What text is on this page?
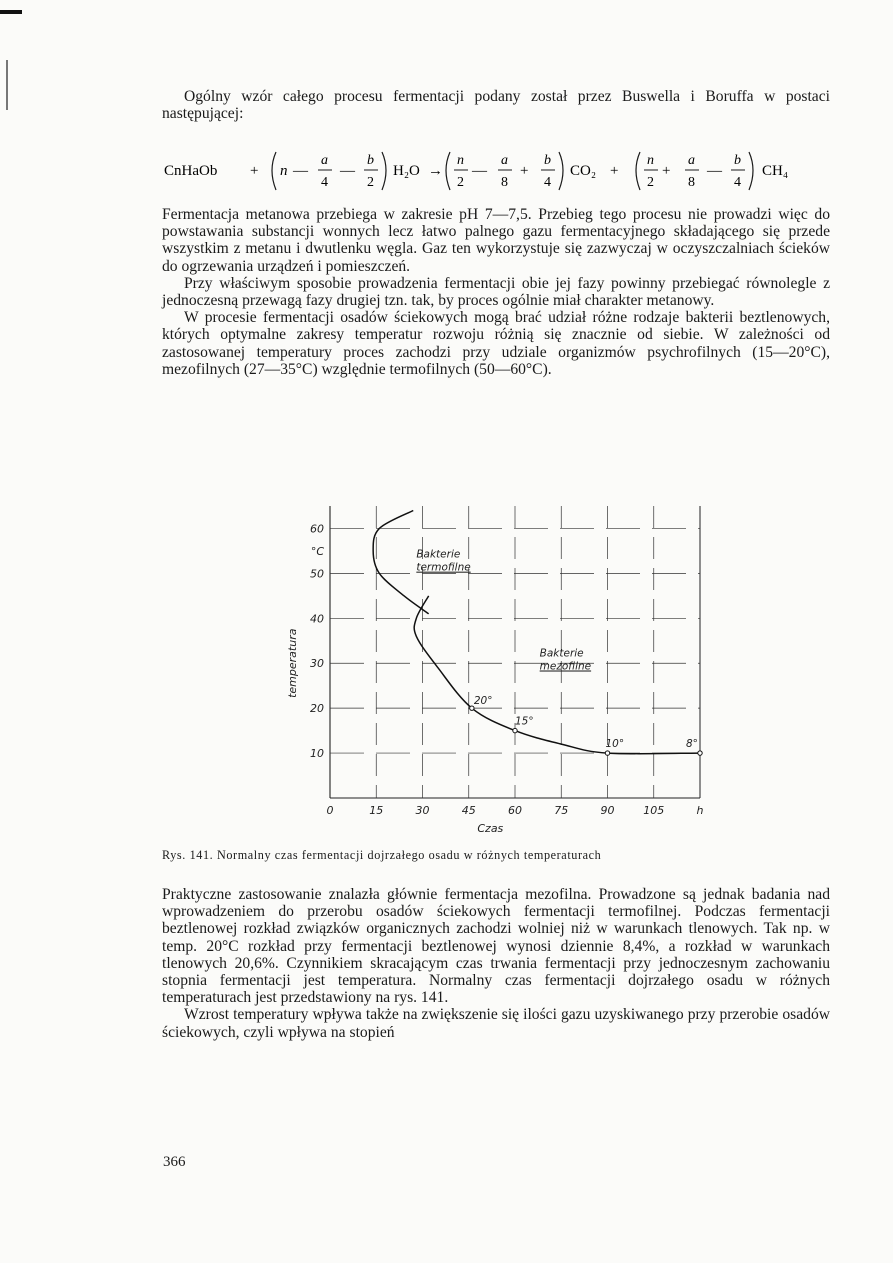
Ogólny wzór całego procesu fermentacji podany został przez Buswella i Boruffa w postaci następującej:

CnHaOb + n —
a
4
—
b
2
H₂O →
n
2
—
a
8
+
b
4
CO₂ +
n
2
+
a
8
—
b
4
CH₄

Fermentacja metanowa przebiega w zakresie pH 7—7,5. Przebieg tego procesu nie prowadzi więc do powstawania substancji wonnych lecz łatwo palnego gazu fermentacyjnego składającego się przede wszystkim z metanu i dwutlenku węgla. Gaz ten wykorzystuje się zazwyczaj w oczyszczalniach ścieków do ogrzewania urządzeń i pomieszczeń.

Przy właściwym sposobie prowadzenia fermentacji obie jej fazy powinny przebiegać równolegle z jednoczesną przewagą fazy drugiej tzn. tak, by proces ogólnie miał charakter metanowy.

W procesie fermentacji osadów ściekowych mogą brać udział różne rodzaje bakterii beztlenowych, których optymalne zakresy temperatur rozwoju różnią się znacznie od siebie. W zależności od zastosowanej temperatury proces zachodzi przy udziale organizmów psychrofilnych (15—20°C), mezofilnych (27—35°C) względnie termofilnych (50—60°C).

0	15	30	45	60	75	90	105	h
60
°C
50
40
30
20
10
Czas
temperatura
Bakterie
termofilne
Bakterie
mezofilne
20°
15°
10°	8°
Rys. 141. Normalny czas fermentacji dojrzałego osadu w różnych temperaturach

Praktyczne zastosowanie znalazła głównie fermentacja mezofilna. Prowadzone są jednak badania nad wprowadzeniem do przerobu osadów ściekowych fermentacji termofilnej. Podczas fermentacji beztlenowej rozkład związków organicznych zachodzi wolniej niż w warunkach tlenowych. Tak np. w temp. 20°C rozkład przy fermentacji beztlenowej wynosi dziennie 8,4%, a rozkład w warunkach tlenowych 20,6%. Czynnikiem skracającym czas trwania fermentacji przy jednoczesnym zachowaniu stopnia fermentacji jest temperatura. Normalny czas fermentacji dojrzałego osadu w różnych temperaturach jest przedstawiony na rys. 141.

Wzrost temperatury wpływa także na zwiększenie się ilości gazu uzyskiwanego przy przerobie osadów ściekowych, czyli wpływa na stopień

366
